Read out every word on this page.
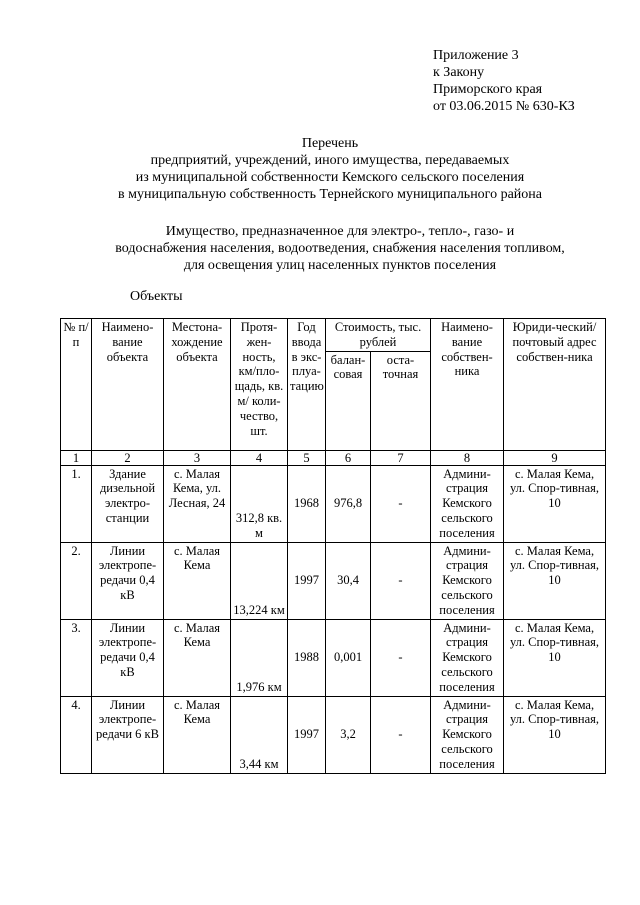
Приложение 3
к Закону
Приморского края
от 03.06.2015 № 630-КЗ
Перечень
предприятий, учреждений, иного имущества, передаваемых
из муниципальной собственности Кемского сельского поселения
в муниципальную собственность Тернейского муниципального района
Имущество, предназначенное для электро-, тепло-, газо- и
водоснабжения населения, водоотведения, снабжения населения топливом,
для освещения улиц населенных пунктов поселения
Объекты
№ п/п	Наимено-вание объекта	Местона-хождение объекта	Протя-жен-ность, км/пло-щадь, кв. м/ коли-чество, шт.	Год ввода в экс-плуа-тацию	Стоимость, тыс. рублей		Наимено-вание собствен-ника	Юриди-ческий/ почтовый адрес собствен-ника
					балан-совая	оста-точная		
1	2	3	4	5	6	7	8	9
1.	Здание дизельной электро-станции	с. Малая Кема, ул. Лесная, 24	312,8 кв. м	1968	976,8	-	Админи-страция Кемского сельского поселения	с. Малая Кема, ул. Спор-тивная, 10
2.	Линии электропе-редачи 0,4 кВ	с. Малая Кема	13,224 км	1997	30,4	-	Админи-страция Кемского сельского поселения	с. Малая Кема, ул. Спор-тивная, 10
3.	Линии электропе-редачи 0,4 кВ	с. Малая Кема	1,976 км	1988	0,001	-	Админи-страция Кемского сельского поселения	с. Малая Кема, ул. Спор-тивная, 10
4.	Линии электропе-редачи 6 кВ	с. Малая Кема	3,44 км	1997	3,2	-	Админи-страция Кемского сельского поселения	с. Малая Кема, ул. Спор-тивная, 10
